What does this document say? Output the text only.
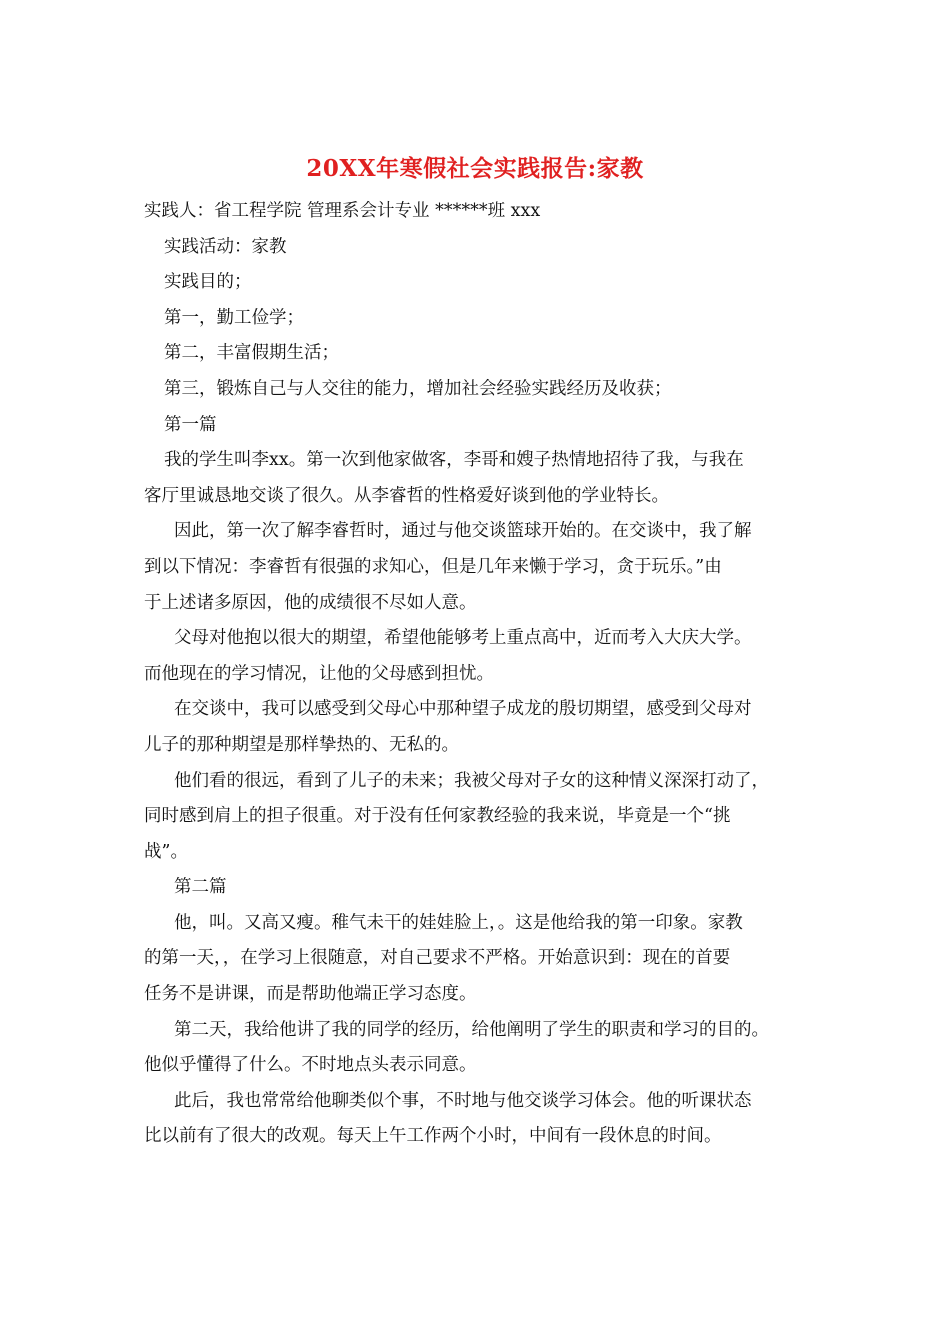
20XX年寒假社会实践报告:家教
实践人：省工程学院 管理系会计专业 ******班 xxx
实践活动：家教
实践目的；
第一，勤工俭学；
第二，丰富假期生活；
第三，锻炼自己与人交往的能力，增加社会经验实践经历及收获；
第一篇
我的学生叫李xx。第一次到他家做客，李哥和嫂子热情地招待了我，与我在
客厅里诚恳地交谈了很久。从李睿哲的性格爱好谈到他的学业特长。
因此，第一次了解李睿哲时，通过与他交谈篮球开始的。在交谈中，我了解
到以下情况：李睿哲有很强的求知心，但是几年来懒于学习，贪于玩乐。”由
于上述诸多原因，他的成绩很不尽如人意。
父母对他抱以很大的期望，希望他能够考上重点高中，近而考入大庆大学。
而他现在的学习情况，让他的父母感到担忧。
在交谈中，我可以感受到父母心中那种望子成龙的殷切期望，感受到父母对
儿子的那种期望是那样挚热的、无私的。
他们看的很远，看到了儿子的未来；我被父母对子女的这种情义深深打动了，
同时感到肩上的担子很重。对于没有任何家教经验的我来说，毕竟是一个“挑
战”。
第二篇
他，叫。又高又瘦。稚气未干的娃娃脸上，。这是他给我的第一印象。家教
的第一天，，在学习上很随意，对自己要求不严格。开始意识到：现在的首要
任务不是讲课，而是帮助他端正学习态度。
第二天，我给他讲了我的同学的经历，给他阐明了学生的职责和学习的目的。
他似乎懂得了什么。不时地点头表示同意。
此后，我也常常给他聊类似个事，不时地与他交谈学习体会。他的听课状态
比以前有了很大的改观。每天上午工作两个小时，中间有一段休息的时间。
